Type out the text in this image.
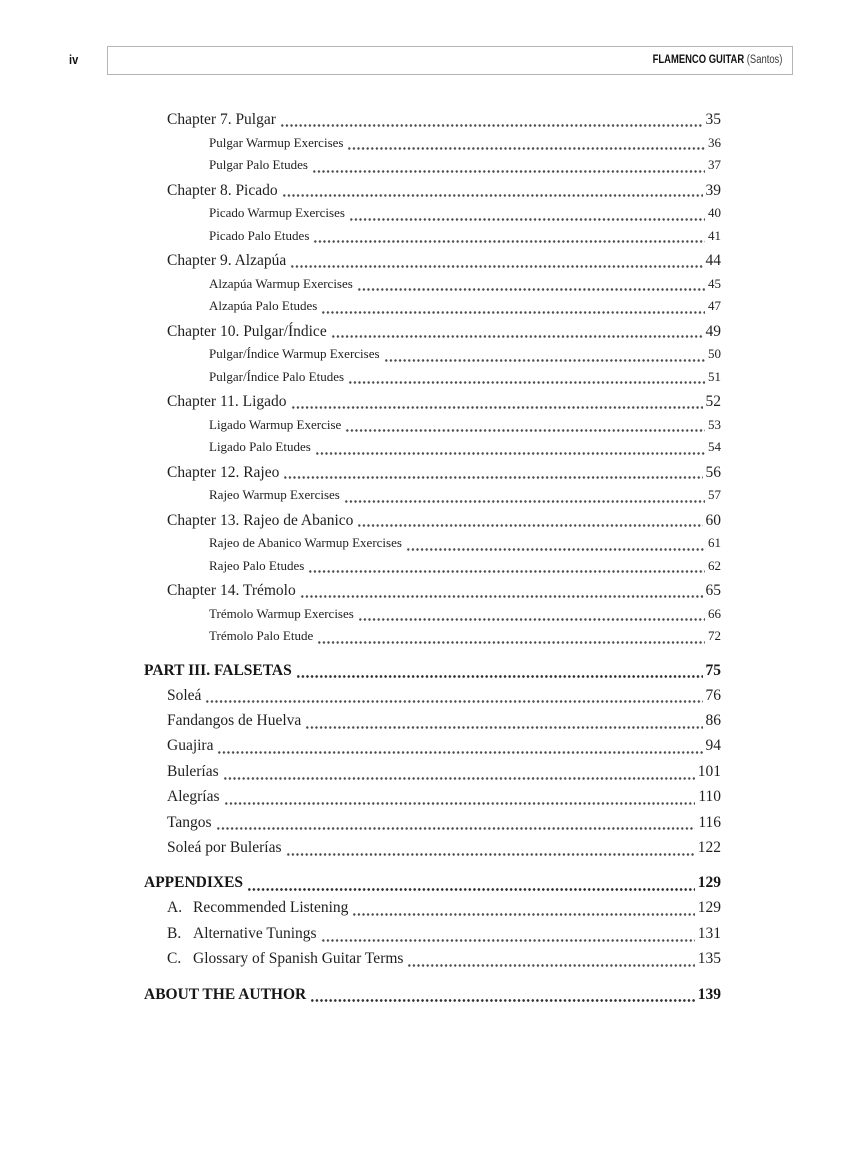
iv	FLAMENCO GUITAR (Santos)
Chapter 7. Pulgar	35
Pulgar Warmup Exercises	36
Pulgar Palo Etudes	37
Chapter 8. Picado	39
Picado Warmup Exercises	40
Picado Palo Etudes	41
Chapter 9. Alzapúa	44
Alzapúa Warmup Exercises	45
Alzapúa Palo Etudes	47
Chapter 10. Pulgar/Índice	49
Pulgar/Índice Warmup Exercises	50
Pulgar/Índice Palo Etudes	51
Chapter 11. Ligado	52
Ligado Warmup Exercise	53
Ligado Palo Etudes	54
Chapter 12. Rajeo	56
Rajeo Warmup Exercises	57
Chapter 13. Rajeo de Abanico	60
Rajeo de Abanico Warmup Exercises	61
Rajeo Palo Etudes	62
Chapter 14. Trémolo	65
Trémolo Warmup Exercises	66
Trémolo Palo Etude	72
PART III. FALSETAS	75
Soleá	76
Fandangos de Huelva	86
Guajira	94
Bulerías	101
Alegrías	110
Tangos	116
Soleá por Bulerías	122
APPENDIXES	129
A. Recommended Listening	129
B. Alternative Tunings	131
C. Glossary of Spanish Guitar Terms	135
ABOUT THE AUTHOR	139
